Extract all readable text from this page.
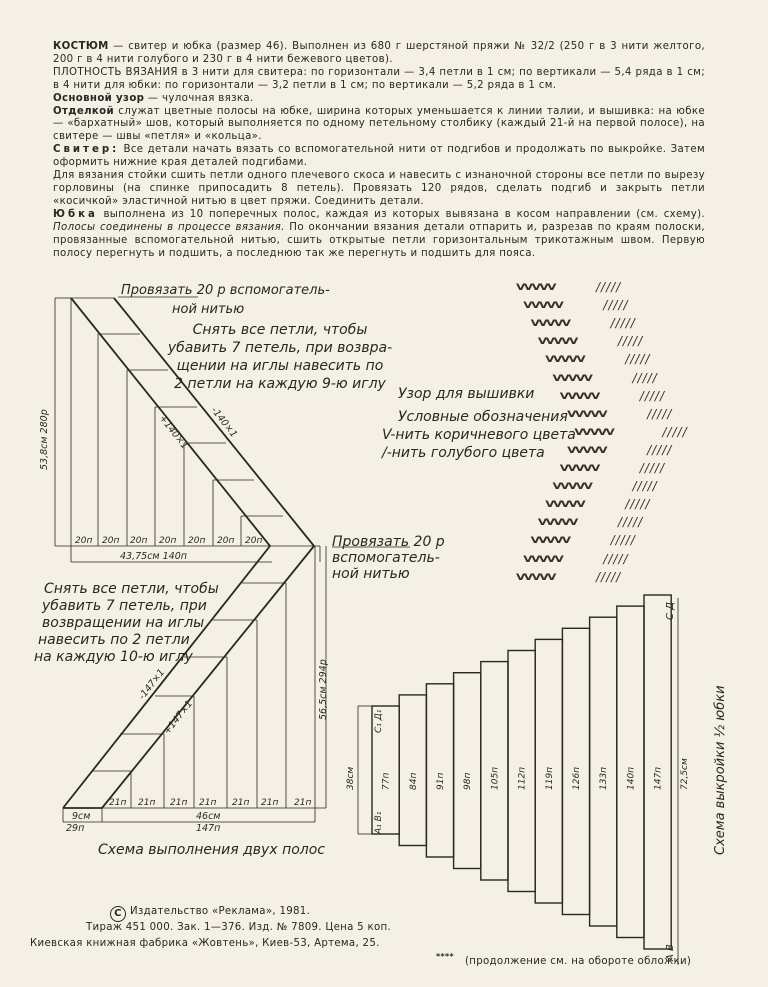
КОСТЮМ — свитер и юбка (размер 46). Выполнен из 680 г шерстяной пряжи № 32/2 (250 г в 3 нити желтого, 200 г в 4 нити голубого и 230 г в 4 нити бежевого цветов).

ПЛОТНОСТЬ ВЯЗАНИЯ в 3 нити для свитера: по горизонтали — 3,4 петли в 1 см; по вертикали — 5,4 ряда в 1 см; в 4 нити для юбки: по горизонтали — 3,2 петли в 1 см; по вертикали — 5,2 ряда в 1 см.

Основной узор — чулочная вязка.

Отделкой служат цветные полосы на юбке, ширина которых уменьшается к линии талии, и вышивка: на юбке — «бархатный» шов, который выполняется по одному петельному столбику (каждый 21-й на первой полосе), на свитере — швы «петля» и «кольца».

Свитер: Все детали начать вязать со вспомогательной нити от подгибов и продолжать по выкройке. Затем оформить нижние края деталей подгибами.

Для вязания стойки сшить петли одного плечевого скоса и навесить с изнаночной стороны все петли по вырезу горловины (на спинке припосадить 8 петель). Провязать 120 рядов, сделать подгиб и закрыть петли «косичкой» эластичной нитью в цвет пряжи. Соединить детали.

Юбка выполнена из 10 поперечных полос, каждая из которых вывязана в косом направлении (см. схему). Полосы соединены в процессе вязания. По окончании вязания детали отпарить и, разрезав по краям полоски, провязанные вспомогательной нитью, сшить открытые петли горизонтальным трикотажным швом. Первую полосу перегнуть и подшить, а последнюю так же перегнуть и подшить для пояса.

53,8см 280р	-140×1
+140×1
20п 20п 20п 20п 20п 20п 20п
43,75см 140п
56,5см 294р
-147×1
+147×1
21п 21п 21п 21п 21п 21п 21п
9см
29п
46см
147п
77п 84п 91п 98п 105п 112п 119п 126п 133п 140п 147п
38см	72,5см
С₁ Д₁
А₁ В₁
С Д
А В
Схема выкройки ½ юбки
Провязать 20 р вспомогатель-
ной нитью
Снять все петли, чтобы
убавить 7 петель, при возвра-
щении на иглы навесить по
2 петли на каждую 9-ю иглу
Провязать 20 р
вспомогатель-
ной нитью
Снять все петли, чтобы
убавить 7 петель, при
возвращении на иглы
навесить по 2 петли
на каждую 10-ю иглу
Схема выполнения двух полос
VVVVV	/////
VVVVV	/////
VVVVV	/////
VVVVV	/////
VVVVV	/////
VVVVV	/////
VVVVV	/////
VVVVV	/////
VVVVV	/////
VVVVV	/////
VVVVV	/////
VVVVV	/////
VVVVV	/////
VVVVV	/////
VVVVV	/////
VVVVV	/////
VVVVV	/////
Узор для вышивки
Условные обозначения
V-нить коричневого цвета
/-нить голубого цвета
C Издательство «Реклама», 1981.
Тираж 451 000. Зак. 1—376. Изд. № 7809. Цена 5 коп.
Киевская книжная фабрика «Жовтень», Киев-53, Артема, 25.
**** (продолжение см. на обороте обложки)
